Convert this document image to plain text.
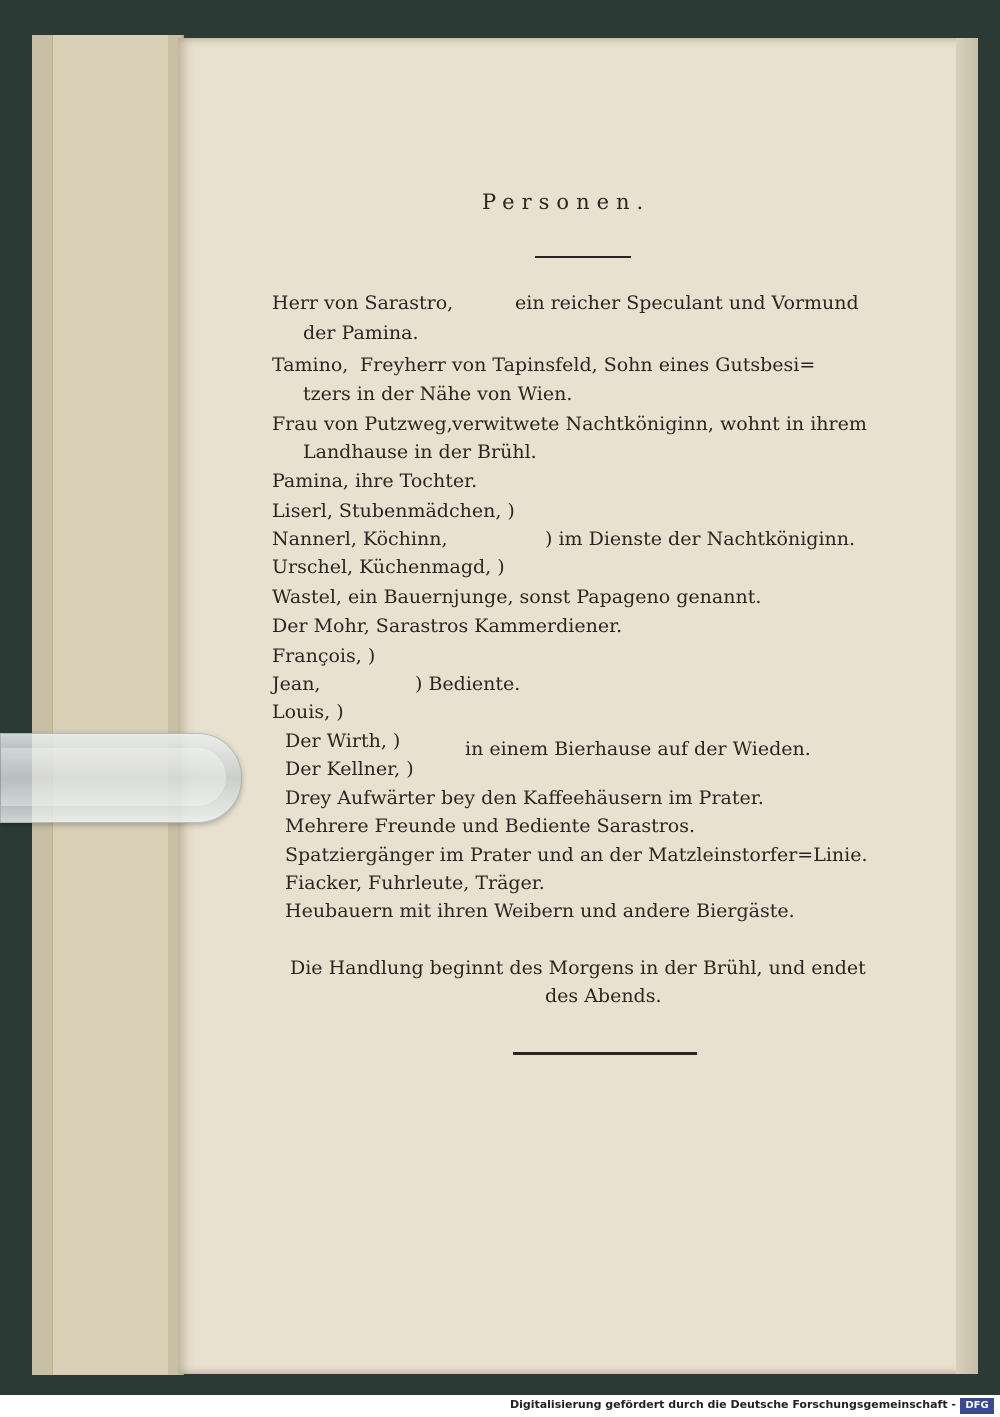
Personen.
Herr von Sarastro,	ein reicher Speculant und Vormund
der Pamina.
Tamino, Freyherr von Tapinsfeld, Sohn eines Gutsbesi=
tzers in der Nähe von Wien.
Frau von Putzweg, verwitwete Nachtköniginn, wohnt in ihrem
Landhause in der Brühl.
Pamina, ihre Tochter.
Liserl, Stubenmädchen, )
Nannerl, Köchinn,	) im Dienste der Nachtköniginn.
Urschel, Küchenmagd, )
Wastel, ein Bauernjunge, sonst Papageno genannt.
Der Mohr, Sarastros Kammerdiener.
François, )
Jean,	) Bediente.
Louis, )
Der Wirth, )	in einem Bierhause auf der Wieden.
Der Kellner, )
Drey Aufwärter bey den Kaffeehäusern im Prater.
Mehrere Freunde und Bediente Sarastros.
Spatziergänger im Prater und an der Matzleinstorfer=Linie.
Fiacker, Fuhrleute, Träger.
Heubauern mit ihren Weibern und andere Biergäste.
Die Handlung beginnt des Morgens in der Brühl, und endet
des Abends.
Digitalisierung gefördert durch die Deutsche Forschungsgemeinschaft - DFG
